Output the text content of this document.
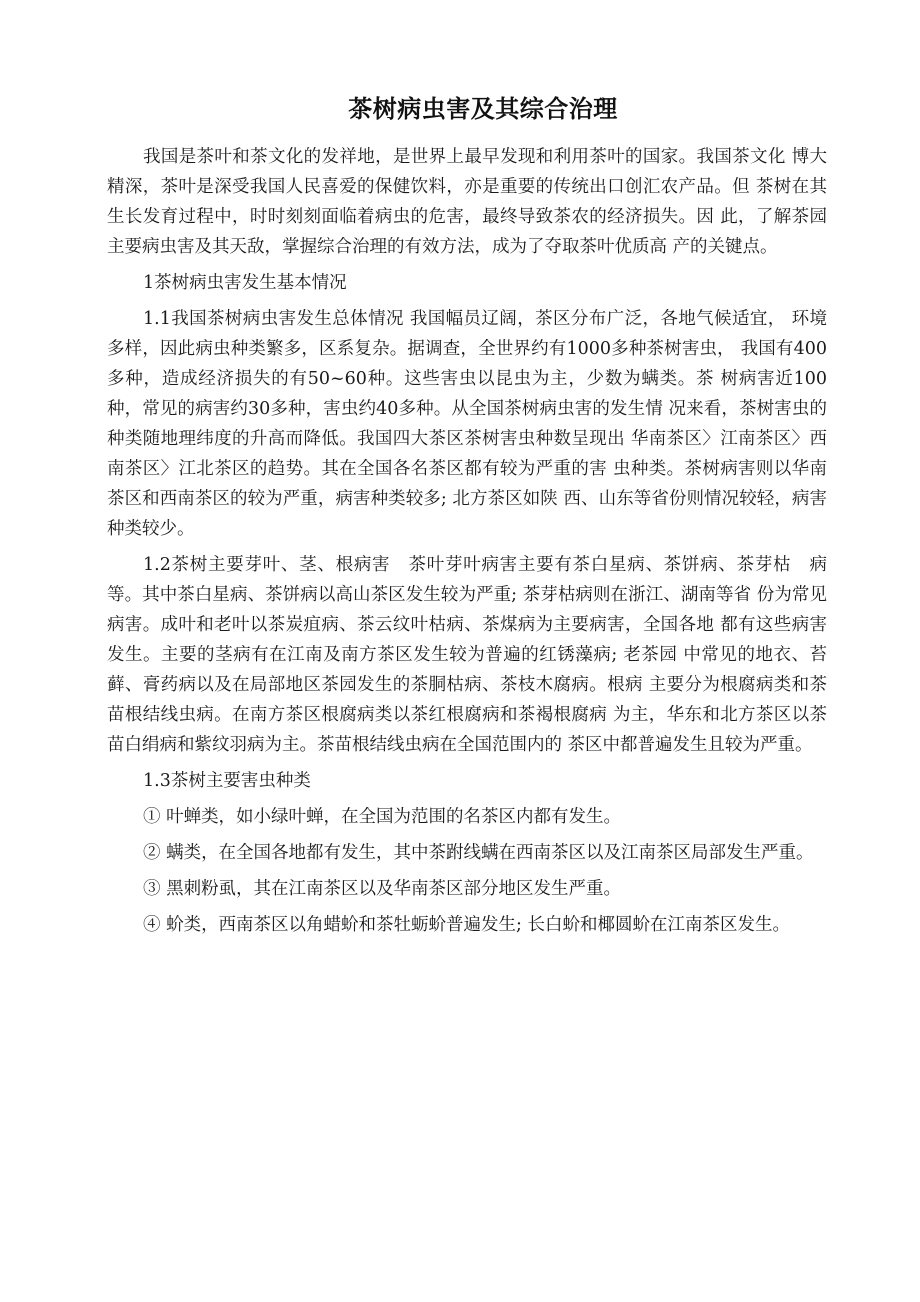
茶树病虫害及其综合治理

我国是茶叶和茶文化的发祥地，是世界上最早发现和利用茶叶的国家。我国茶文化 博大精深，茶叶是深受我国人民喜爱的保健饮料，亦是重要的传统出口创汇农产品。但 茶树在其生长发育过程中，时时刻刻面临着病虫的危害，最终导致茶农的经济损失。因 此，了解茶园主要病虫害及其天敌，掌握综合治理的有效方法，成为了夺取茶叶优质高 产的关键点。

1茶树病虫害发生基本情况

1.1我国茶树病虫害发生总体情况 我国幅员辽阔，茶区分布广泛，各地气候适宜， 环境多样，因此病虫种类繁多，区系复杂。据调查，全世界约有1000多种茶树害虫， 我国有400多种，造成经济损失的有50~60种。这些害虫以昆虫为主，少数为螨类。茶 树病害近100种，常见的病害约30多种，害虫约40多种。从全国茶树病虫害的发生情 况来看，茶树害虫的种类随地理纬度的升高而降低。我国四大茶区茶树害虫种数呈现出 华南茶区〉江南茶区〉西南茶区〉江北茶区的趋势。其在全国各名茶区都有较为严重的害 虫种类。茶树病害则以华南茶区和西南茶区的较为严重，病害种类较多; 北方茶区如陕 西、山东等省份则情况较轻，病害种类较少。

1.2茶树主要芽叶、茎、根病害　茶叶芽叶病害主要有茶白星病、茶饼病、茶芽枯　病等。其中茶白星病、茶饼病以高山茶区发生较为严重; 茶芽枯病则在浙江、湖南等省 份为常见病害。成叶和老叶以茶炭疽病、茶云纹叶枯病、茶煤病为主要病害，全国各地 都有这些病害发生。主要的茎病有在江南及南方茶区发生较为普遍的红锈藻病; 老茶园 中常见的地衣、苔藓、膏药病以及在局部地区茶园发生的茶胴枯病、茶枝木腐病。根病 主要分为根腐病类和茶苗根结线虫病。在南方茶区根腐病类以茶红根腐病和茶褐根腐病 为主，华东和北方茶区以茶苗白绢病和紫纹羽病为主。茶苗根结线虫病在全国范围内的 茶区中都普遍发生且较为严重。

1.3茶树主要害虫种类

① 叶蝉类，如小绿叶蝉，在全国为范围的名茶区内都有发生。

② 螨类，在全国各地都有发生，其中茶跗线螨在西南茶区以及江南茶区局部发生严重。

③ 黑刺粉虱，其在江南茶区以及华南茶区部分地区发生严重。

④ 蚧类，西南茶区以角蜡蚧和茶牡蛎蚧普遍发生; 长白蚧和椰圆蚧在江南茶区发生。
